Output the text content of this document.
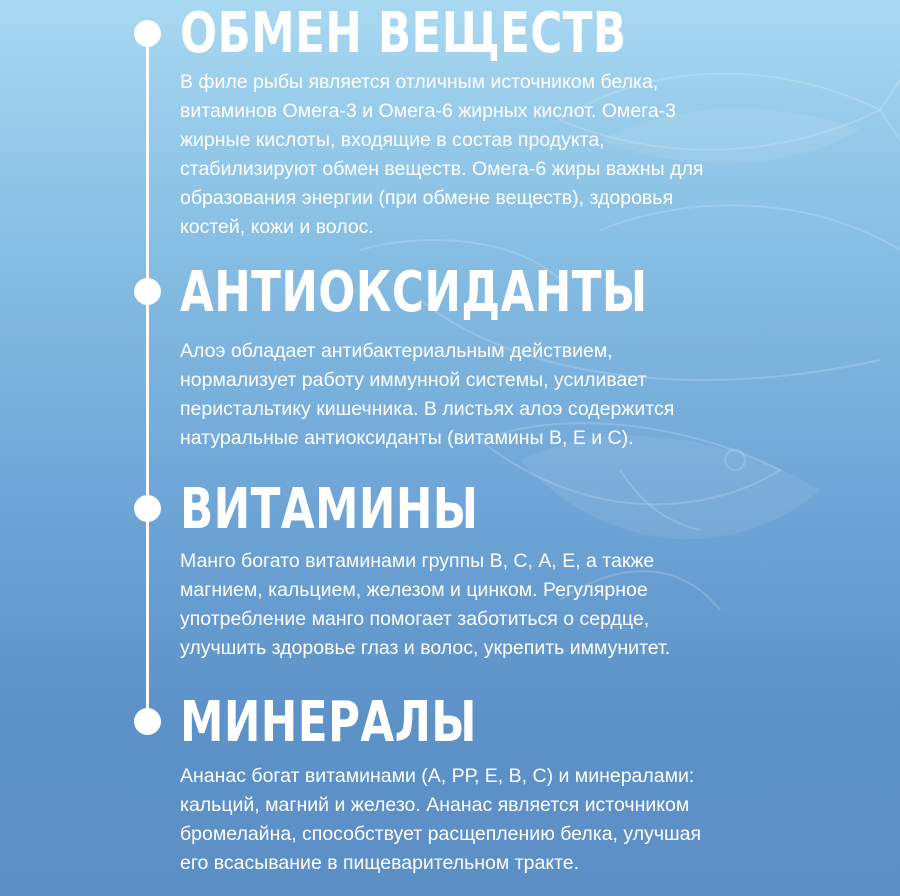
ОБМЕН ВЕЩЕСТВ

В филе рыбы является отличным источником белка,
витаминов Омега-3 и Омега-6 жирных кислот. Омега-3
жирные кислоты, входящие в состав продукта,
стабилизируют обмен веществ. Омега-6 жиры важны для
образования энергии (при обмене веществ), здоровья
костей, кожи и волос.

АНТИОКСИДАНТЫ

Алоэ обладает антибактериальным действием,
нормализует работу иммунной системы, усиливает
перистальтику кишечника. В листьях алоэ содержится
натуральные антиоксиданты (витамины В, Е и С).

ВИТАМИНЫ

Манго богато витаминами группы В, С, А, Е, а также
магнием, кальцием, железом и цинком. Регулярное
употребление манго помогает заботиться о сердце,
улучшить здоровье глаз и волос, укрепить иммунитет.

МИНЕРАЛЫ

Ананас богат витаминами (А, РР, Е, В, С) и минералами:
кальций, магний и железо. Ананас является источником
бромелайна, способствует расщеплению белка, улучшая
его всасывание в пищеварительном тракте.
